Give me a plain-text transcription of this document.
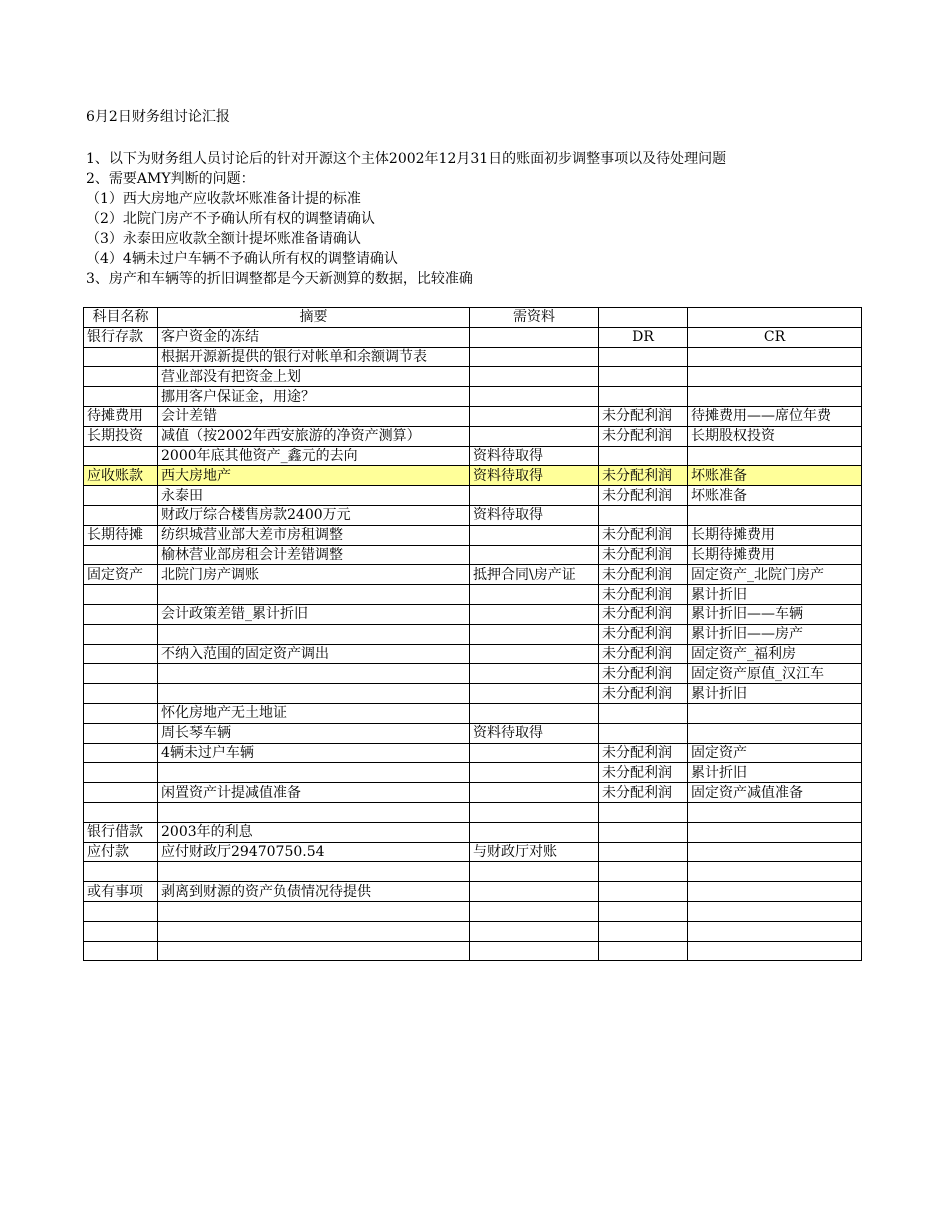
6月2日财务组讨论汇报
1、以下为财务组人员讨论后的针对开源这个主体2002年12月31日的账面初步调整事项以及待处理问题
2、需要AMY判断的问题：
（1）西大房地产应收款坏账准备计提的标准
（2）北院门房产不予确认所有权的调整请确认
（3）永泰田应收款全额计提坏账准备请确认
（4）4辆未过户车辆不予确认所有权的调整请确认
3、房产和车辆等的折旧调整都是今天新测算的数据，比较准确
科目名称	摘要	需资料		
银行存款	客户资金的冻结		DR	CR
	根据开源新提供的银行对帐单和余额调节表			
	营业部没有把资金上划			
	挪用客户保证金，用途？			
待摊费用	会计差错		未分配利润	待摊费用——席位年费
长期投资	减值（按2002年西安旅游的净资产测算）		未分配利润	长期股权投资
	2000年底其他资产_鑫元的去向	资料待取得		
应收账款	西大房地产	资料待取得	未分配利润	坏账准备
	永泰田		未分配利润	坏账准备
	财政厅综合楼售房款2400万元	资料待取得		
长期待摊	纺织城营业部大差市房租调整		未分配利润	长期待摊费用
	榆林营业部房租会计差错调整		未分配利润	长期待摊费用
固定资产	北院门房产调账	抵押合同\房产证	未分配利润	固定资产_北院门房产
			未分配利润	累计折旧
	会计政策差错_累计折旧		未分配利润	累计折旧——车辆
			未分配利润	累计折旧——房产
	不纳入范围的固定资产调出		未分配利润	固定资产_福利房
			未分配利润	固定资产原值_汉江车
			未分配利润	累计折旧
	怀化房地产无土地证			
	周长琴车辆	资料待取得		
	4辆未过户车辆		未分配利润	固定资产
			未分配利润	累计折旧
	闲置资产计提减值准备		未分配利润	固定资产减值准备

银行借款	2003年的利息			
应付款	应付财政厅29470750.54	与财政厅对账		

或有事项	剥离到财源的资产负债情况待提供			
